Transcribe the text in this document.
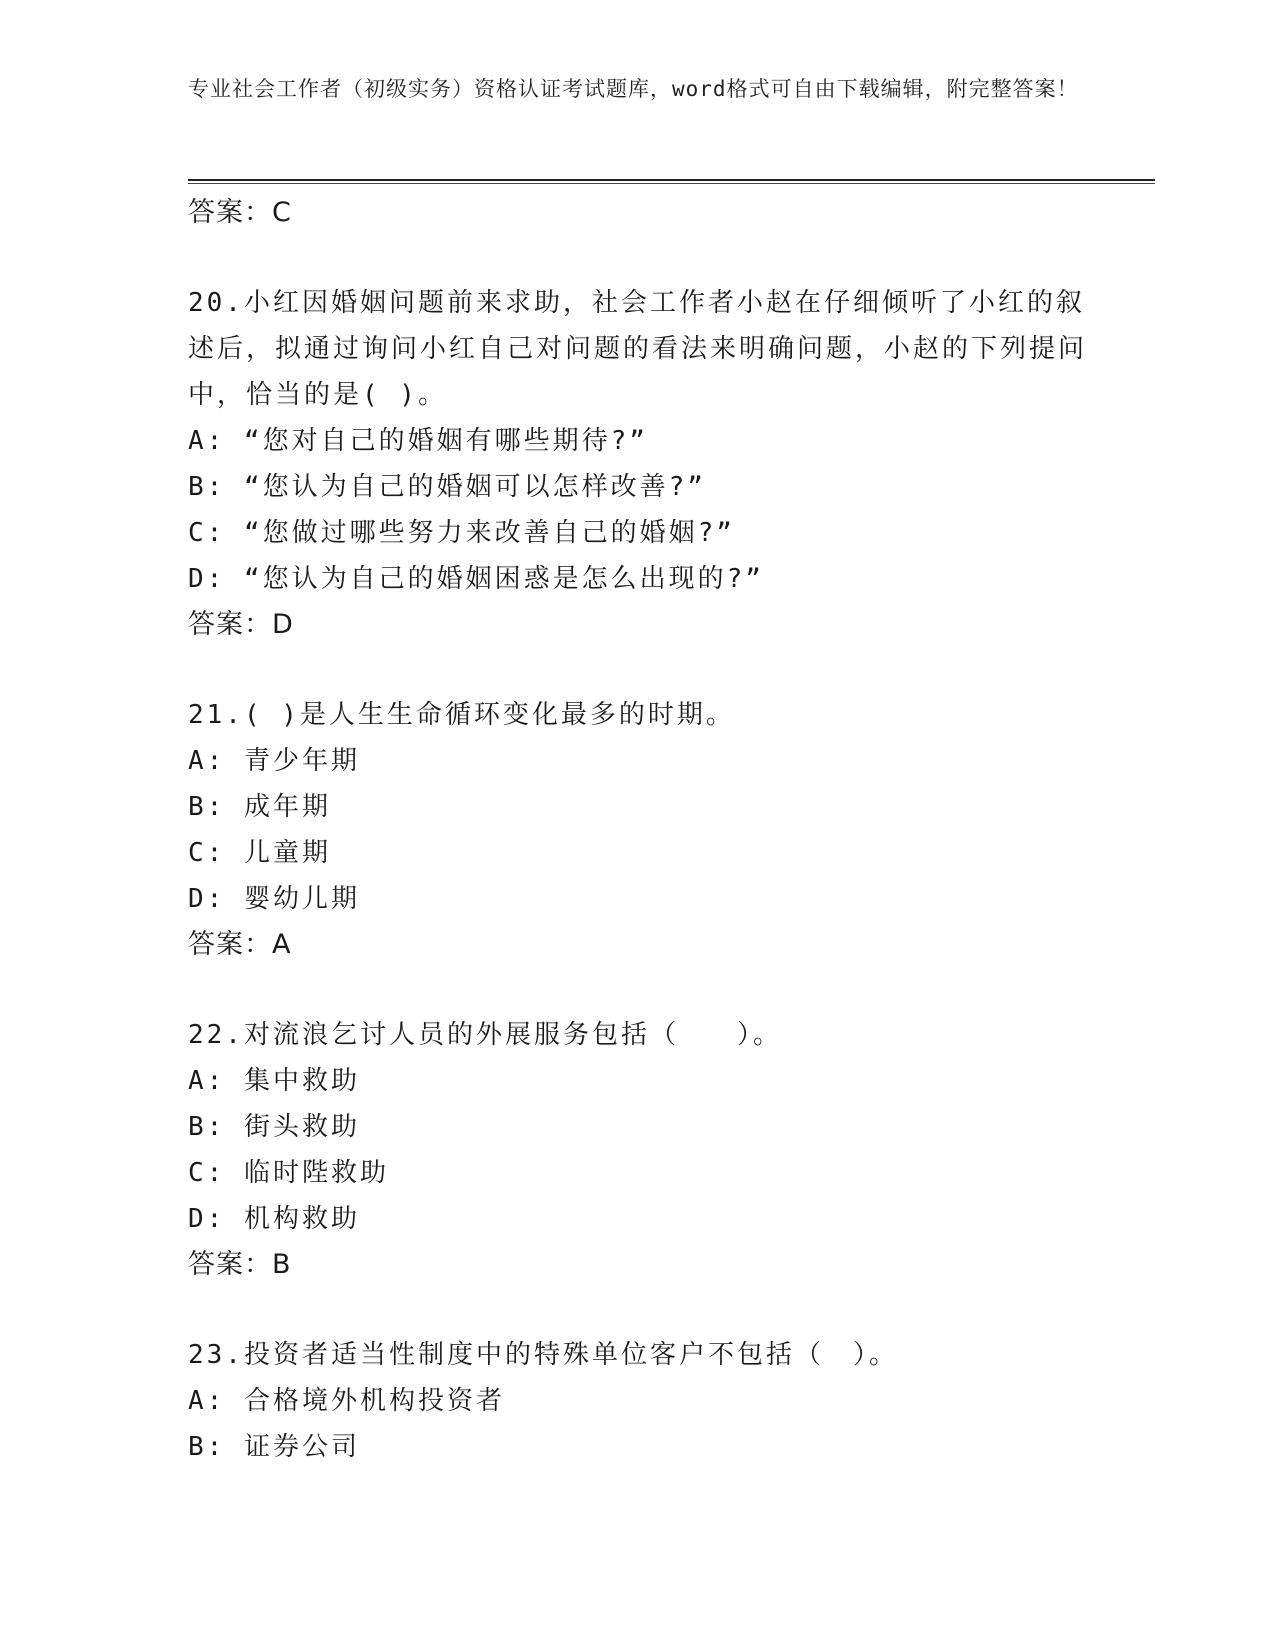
专业社会工作者（初级实务）资格认证考试题库，word格式可自由下载编辑，附完整答案！

答案：C

20.小红因婚姻问题前来求助，社会工作者小赵在仔细倾听了小红的叙述后，拟通过询问小红自己对问题的看法来明确问题，小赵的下列提问中，恰当的是( )。

A: “您对自己的婚姻有哪些期待?”

B: “您认为自己的婚姻可以怎样改善?”

C: “您做过哪些努力来改善自己的婚姻?”

D: “您认为自己的婚姻困惑是怎么出现的?”

答案：D

21.( )是人生生命循环变化最多的时期。

A: 青少年期

B: 成年期

C: 儿童期

D: 婴幼儿期

答案：A

22.对流浪乞讨人员的外展服务包括（　　）。

A: 集中救助

B: 街头救助

C: 临时陛救助

D: 机构救助

答案：B

23.投资者适当性制度中的特殊单位客户不包括（　）。

A: 合格境外机构投资者

B: 证券公司
